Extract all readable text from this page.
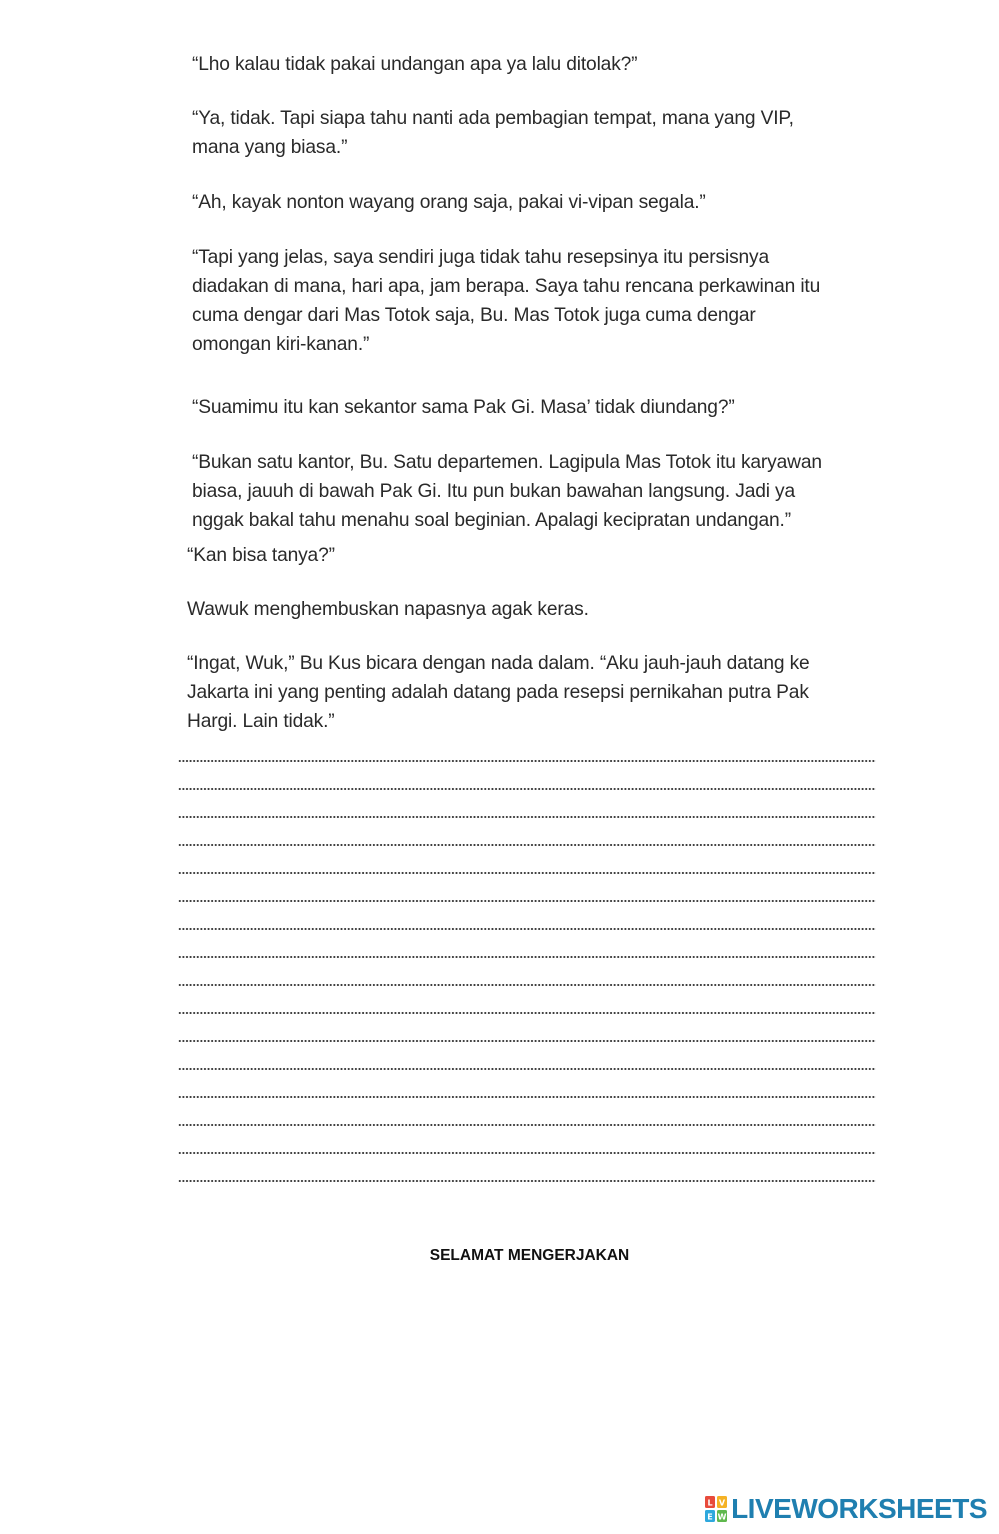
“Lho kalau tidak pakai undangan apa ya lalu ditolak?”

“Ya, tidak. Tapi siapa tahu nanti ada pembagian tempat, mana yang VIP,
mana yang biasa.”

“Ah, kayak nonton wayang orang saja, pakai vi-vipan segala.”

“Tapi yang jelas, saya sendiri juga tidak tahu resepsinya itu persisnya
diadakan di mana, hari apa, jam berapa. Saya tahu rencana perkawinan itu
cuma dengar dari Mas Totok saja, Bu. Mas Totok juga cuma dengar
omongan kiri-kanan.”

“Suamimu itu kan sekantor sama Pak Gi. Masa’ tidak diundang?”

“Bukan satu kantor, Bu. Satu departemen. Lagipula Mas Totok itu karyawan
biasa, jauuh di bawah Pak Gi. Itu pun bukan bawahan langsung. Jadi ya
nggak bakal tahu menahu soal beginian. Apalagi kecipratan undangan.”

“Kan bisa tanya?”

Wawuk menghembuskan napasnya agak keras.

“Ingat, Wuk,” Bu Kus bicara dengan nada dalam. “Aku jauh-jauh datang ke
Jakarta ini yang penting adalah datang pada resepsi pernikahan putra Pak
Hargi. Lain tidak.”

SELAMAT MENGERJAKAN
L V
E W LIVEWORKSHEETS
